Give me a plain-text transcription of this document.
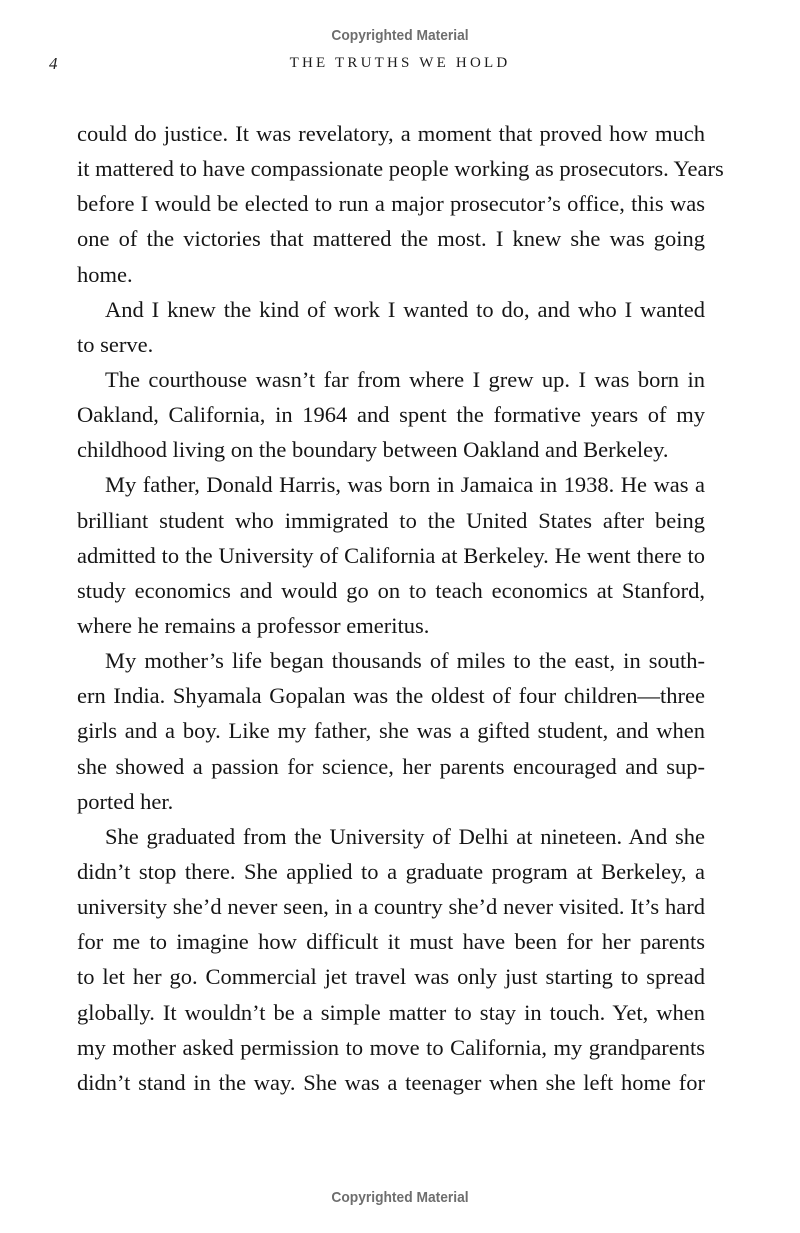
Copyrighted Material
4	THE TRUTHS WE HOLD
could do justice. It was revelatory, a moment that proved how much
it mattered to have compassionate people working as prosecutors. Years
before I would be elected to run a major prosecutor’s office, this was
one of the victories that mattered the most. I knew she was going
home.
And I knew the kind of work I wanted to do, and who I wanted
to serve.
The courthouse wasn’t far from where I grew up. I was born in
Oakland, California, in 1964 and spent the formative years of my
childhood living on the boundary between Oakland and Berkeley.
My father, Donald Harris, was born in Jamaica in 1938. He was a
brilliant student who immigrated to the United States after being
admitted to the University of California at Berkeley. He went there to
study economics and would go on to teach economics at Stanford,
where he remains a professor emeritus.
My mother’s life began thousands of miles to the east, in south-
ern India. Shyamala Gopalan was the oldest of four children—three
girls and a boy. Like my father, she was a gifted student, and when
she showed a passion for science, her parents encouraged and sup-
ported her.
She graduated from the University of Delhi at nineteen. And she
didn’t stop there. She applied to a graduate program at Berkeley, a
university she’d never seen, in a country she’d never visited. It’s hard
for me to imagine how difficult it must have been for her parents
to let her go. Commercial jet travel was only just starting to spread
globally. It wouldn’t be a simple matter to stay in touch. Yet, when
my mother asked permission to move to California, my grandparents
didn’t stand in the way. She was a teenager when she left home for
Copyrighted Material
